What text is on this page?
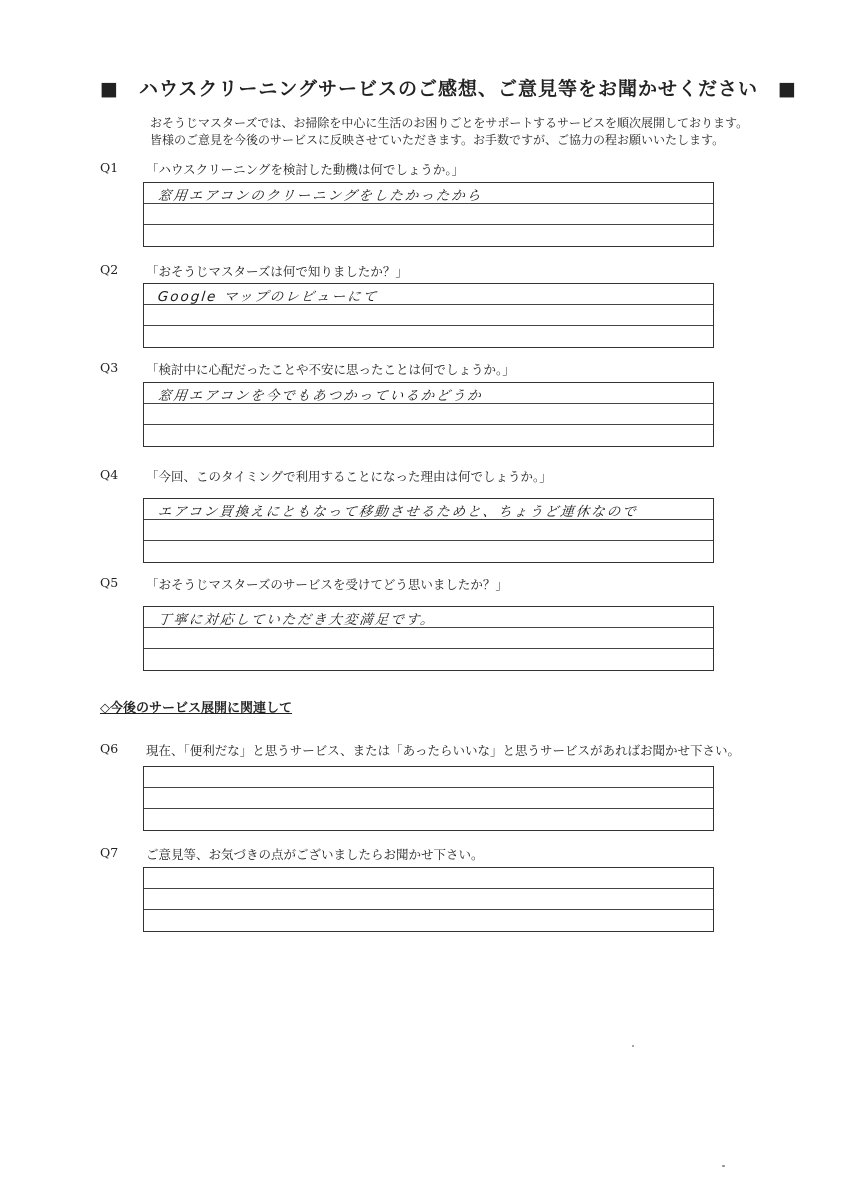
■　ハウスクリーニングサービスのご感想、ご意見等をお聞かせください　■
おそうじマスターズでは、お掃除を中心に生活のお困りごとをサポートするサービスを順次展開しております。
皆様のご意見を今後のサービスに反映させていただきます。お手数ですが、ご協力の程お願いいたします。
Q1 「ハウスクリーニングを検討した動機は何でしょうか。」
窓用エアコンのクリーニングをしたかったから
Q2 「おそうじマスターズは何で知りましたか？」
Google マップのレビューにて
Q3 「検討中に心配だったことや不安に思ったことは何でしょうか。」
窓用エアコンを今でもあつかっているかどうか
Q4 「今回、このタイミングで利用することになった理由は何でしょうか。」
エアコン買換えにともなって移動させるためと、ちょうど連休なので
Q5 「おそうじマスターズのサービスを受けてどう思いましたか？」
丁寧に対応していただき大変満足です。
◇今後のサービス展開に関連して
Q6 現在、「便利だな」と思うサービス、または「あったらいいな」と思うサービスがあればお聞かせ下さい。
Q7 ご意見等、お気づきの点がございましたらお聞かせ下さい。
